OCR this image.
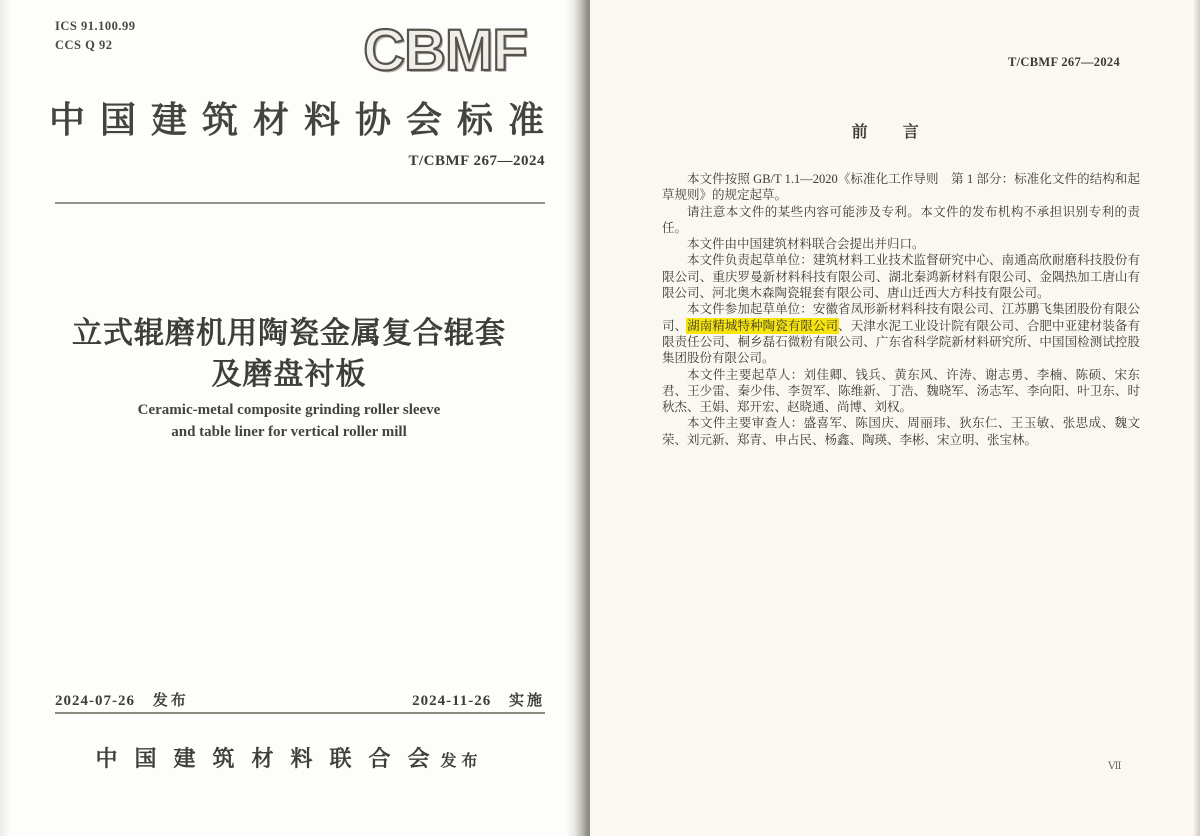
ICS 91.100.99
CCS Q 92	CBMF
中国建筑材料协会标准
T/CBMF 267—2024
立式辊磨机用陶瓷金属复合辊套
及磨盘衬板
Ceramic-metal composite grinding roller sleeve
and table liner for vertical roller mill
2024-07-26 发布	2024-11-26 实施
中国建筑材料联合会发布
T/CBMF 267—2024
前　言

本文件按照 GB/T 1.1—2020《标准化工作导则　第 1 部分：标准化文件的结构和起草规则》的规定起草。

请注意本文件的某些内容可能涉及专利。本文件的发布机构不承担识别专利的责任。

本文件由中国建筑材料联合会提出并归口。

本文件负责起草单位：建筑材料工业技术监督研究中心、南通高欣耐磨科技股份有限公司、重庆罗曼新材料科技有限公司、湖北秦鸿新材料有限公司、金隅热加工唐山有限公司、河北奥木森陶瓷辊套有限公司、唐山迁西大方科技有限公司。

本文件参加起草单位：安徽省凤形新材料科技有限公司、江苏鹏飞集团股份有限公司、湖南精城特种陶瓷有限公司、天津水泥工业设计院有限公司、合肥中亚建材装备有限责任公司、桐乡磊石微粉有限公司、广东省科学院新材料研究所、中国国检测试控股集团股份有限公司。

本文件主要起草人：刘佳卿、钱兵、黄东风、许涛、谢志勇、李楠、陈硕、宋东君、王少雷、秦少伟、李贺军、陈维新、丁浩、魏晓军、汤志军、李向阳、叶卫东、时秋杰、王娟、郑开宏、赵晓通、尚博、刘权。

本文件主要审查人：盛喜军、陈国庆、周丽玮、狄东仁、王玉敏、张思成、魏文荣、刘元新、郑青、申占民、杨鑫、陶瑛、李彬、宋立明、张宝林。

Ⅶ
